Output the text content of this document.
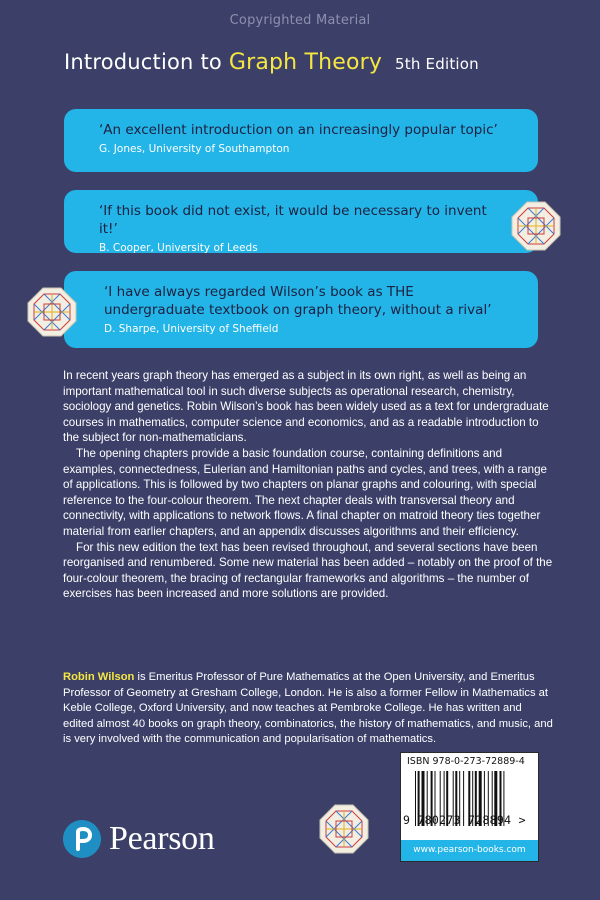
Copyrighted Material
Introduction to Graph Theory 5th Edition
‘An excellent introduction on an increasingly popular topic’
G. Jones, University of Southampton
‘If this book did not exist, it would be necessary to invent it!’
B. Cooper, University of Leeds
‘I have always regarded Wilson’s book as THE undergraduate textbook on graph theory, without a rival’
D. Sharpe, University of Sheffield

In recent years graph theory has emerged as a subject in its own right, as well as being an important mathematical tool in such diverse subjects as operational research, chemistry, sociology and genetics. Robin Wilson’s book has been widely used as a text for undergraduate courses in mathematics, computer science and economics, and as a readable introduction to the subject for non-mathematicians.

The opening chapters provide a basic foundation course, containing definitions and examples, connectedness, Eulerian and Hamiltonian paths and cycles, and trees, with a range of applications. This is followed by two chapters on planar graphs and colouring, with special reference to the four-colour theorem. The next chapter deals with transversal theory and connectivity, with applications to network flows. A final chapter on matroid theory ties together material from earlier chapters, and an appendix discusses algorithms and their efficiency.

For this new edition the text has been revised throughout, and several sections have been reorganised and renumbered. Some new material has been added – notably on the proof of the four-colour theorem, the bracing of rectangular frameworks and algorithms – the number of exercises has been increased and more solutions are provided.

Robin Wilson is Emeritus Professor of Pure Mathematics at the Open University, and Emeritus Professor of Geometry at Gresham College, London. He is also a former Fellow in Mathematics at Keble College, Oxford University, and now teaches at Pembroke College. He has written and edited almost 40 books on graph theory, combinatorics, the history of mathematics, and music, and is very involved with the communication and popularisation of mathematics.
ISBN 978-0-273-72889-4
9 780273 728894 >
www.pearson-books.com
Pearson
